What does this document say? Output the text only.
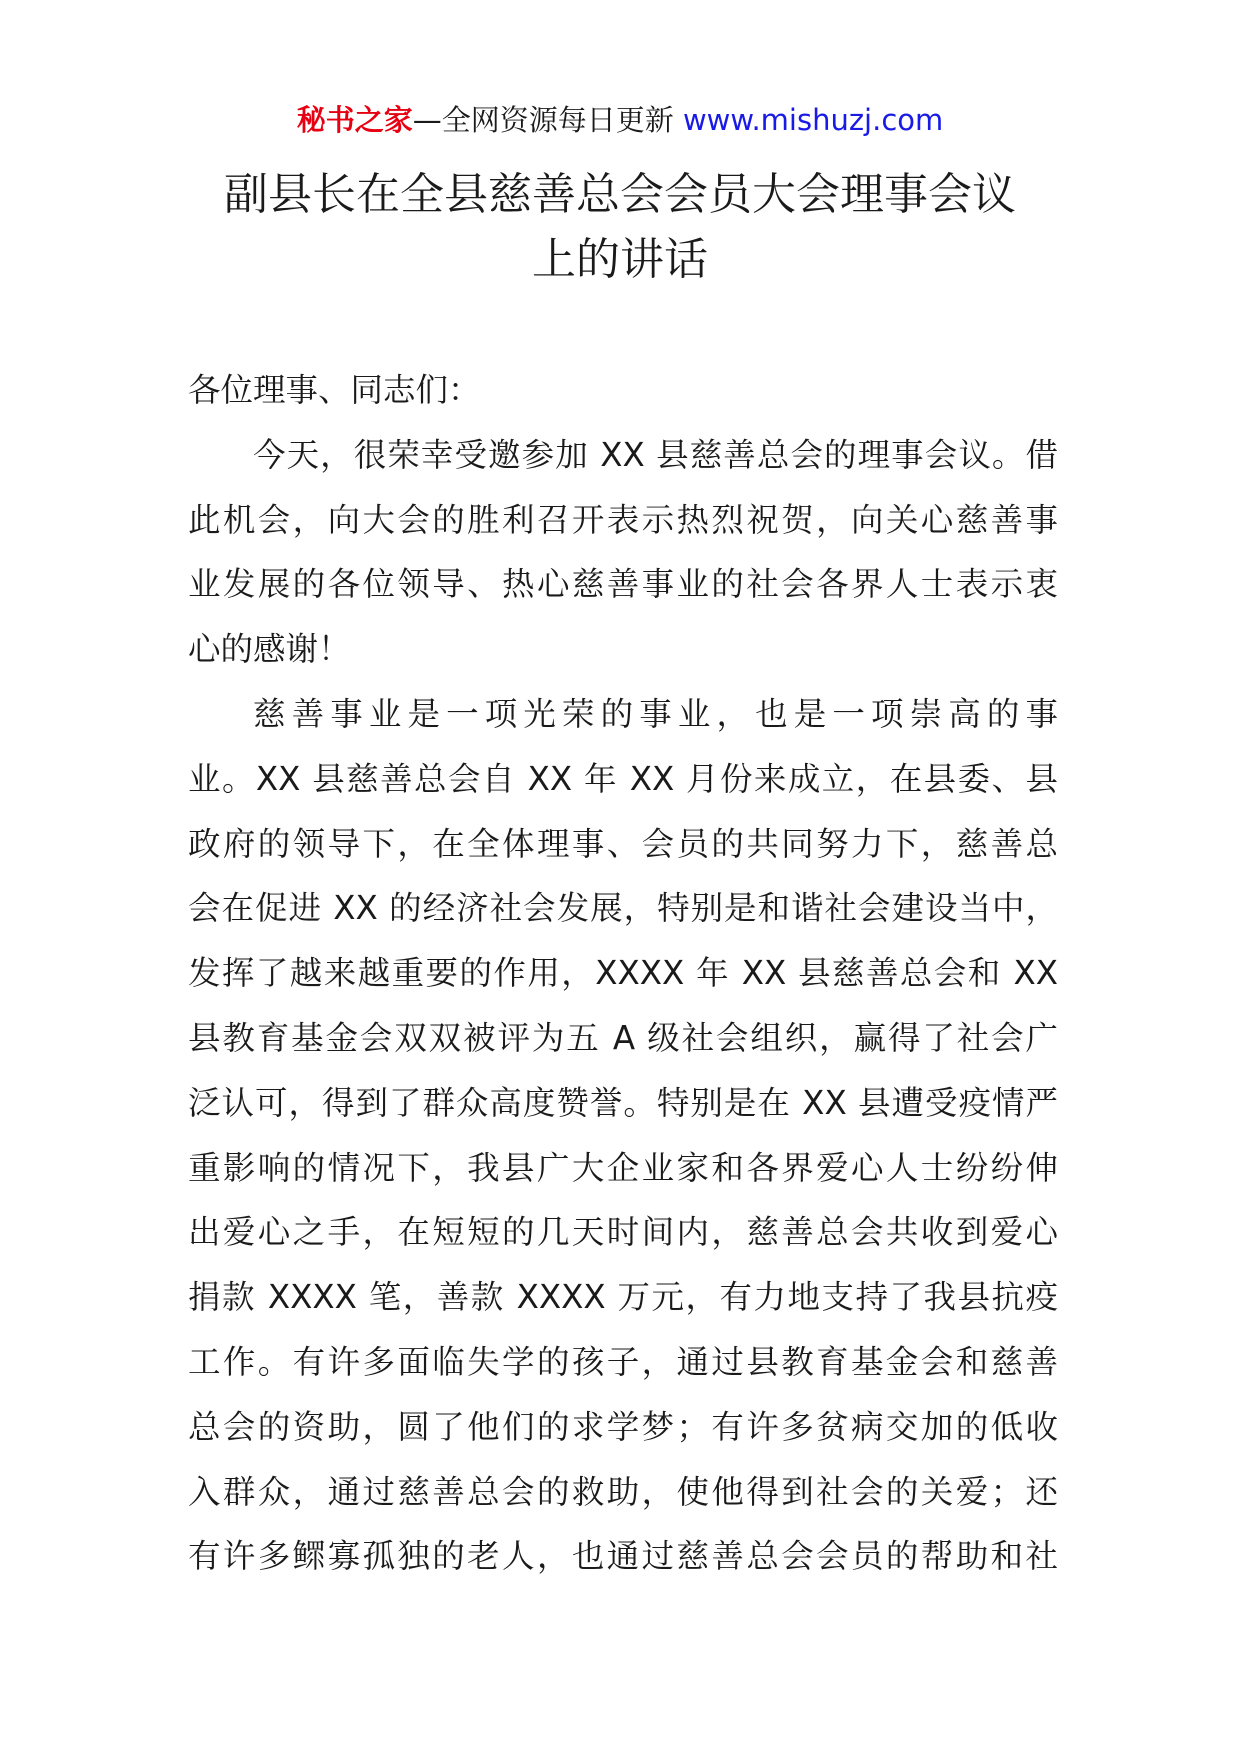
秘书之家—全网资源每日更新 www.mishuzj.com
副县长在全县慈善总会会员大会理事会议
上的讲话
各位理事、同志们：
今天，很荣幸受邀参加 XX 县慈善总会的理事会议。借
此机会，向大会的胜利召开表示热烈祝贺，向关心慈善事
业发展的各位领导、热心慈善事业的社会各界人士表示衷
心的感谢！
慈善事业是一项光荣的事业，也是一项崇高的事
业。XX 县慈善总会自 XX 年 XX 月份来成立，在县委、县
政府的领导下，在全体理事、会员的共同努力下，慈善总
会在促进 XX 的经济社会发展，特别是和谐社会建设当中，
发挥了越来越重要的作用，XXXX 年 XX 县慈善总会和 XX
县教育基金会双双被评为五 A 级社会组织，赢得了社会广
泛认可，得到了群众高度赞誉。特别是在 XX 县遭受疫情严
重影响的情况下，我县广大企业家和各界爱心人士纷纷伸
出爱心之手，在短短的几天时间内，慈善总会共收到爱心
捐款 XXXX 笔，善款 XXXX 万元，有力地支持了我县抗疫
工作。有许多面临失学的孩子，通过县教育基金会和慈善
总会的资助，圆了他们的求学梦；有许多贫病交加的低收
入群众，通过慈善总会的救助，使他得到社会的关爱；还
有许多鳏寡孤独的老人，也通过慈善总会会员的帮助和社
